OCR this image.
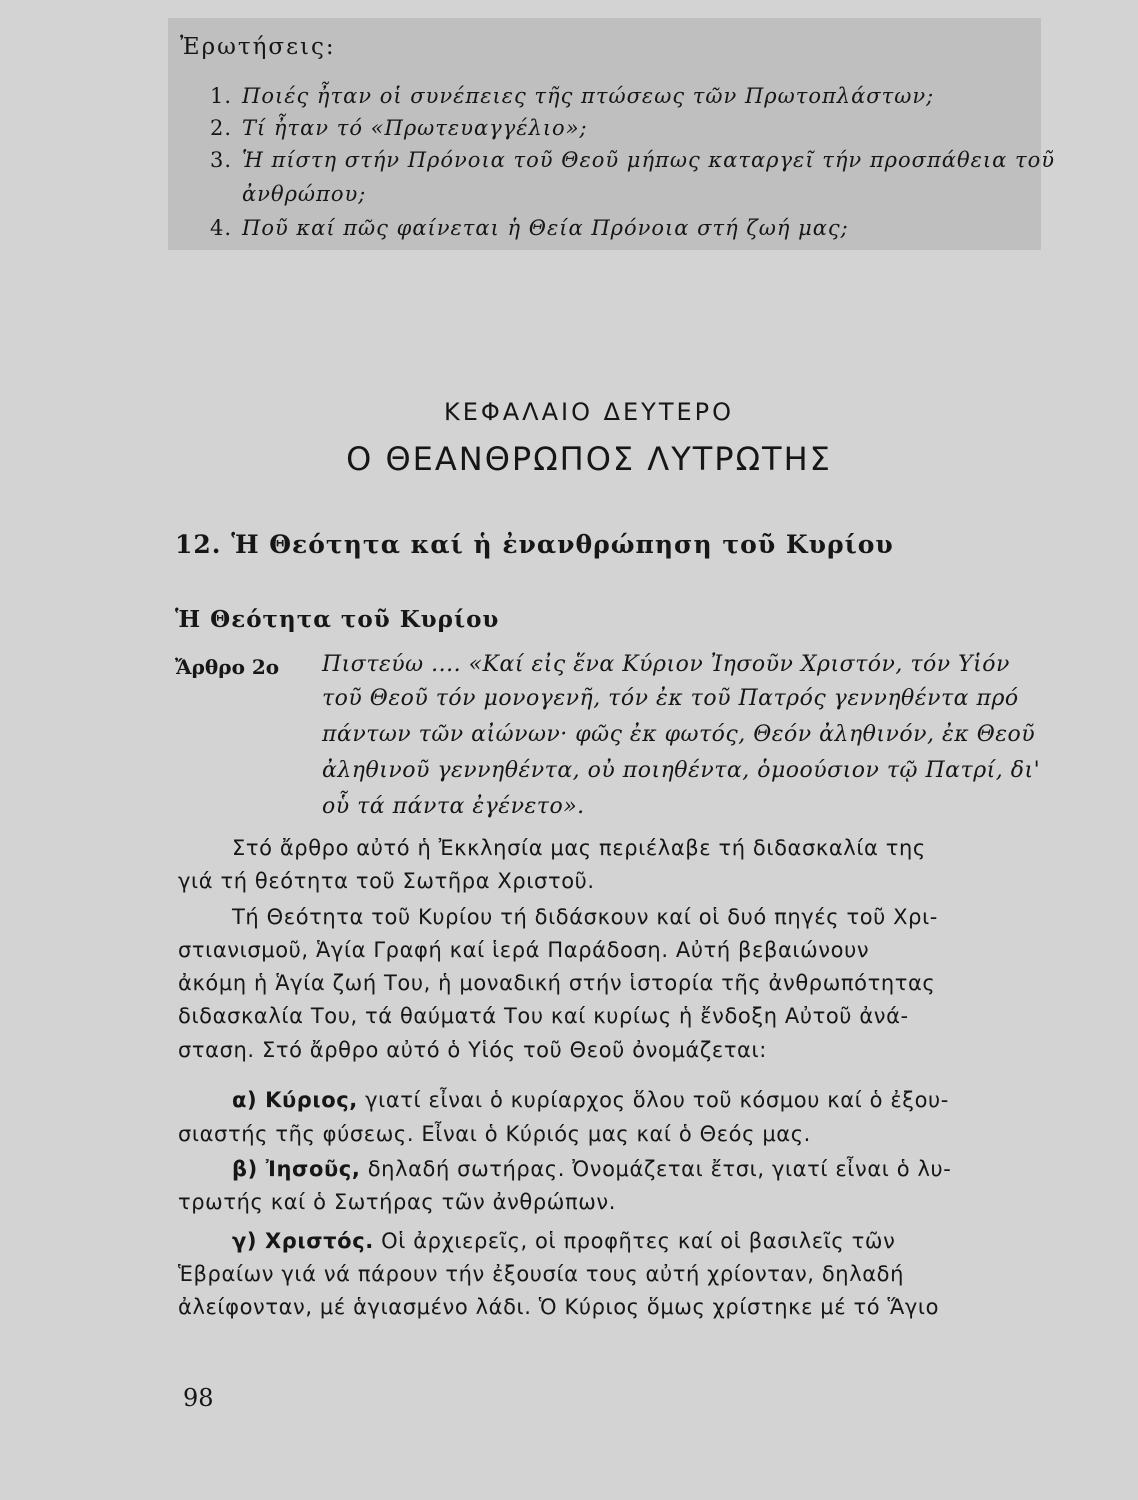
Ἐρωτήσεις:
1. Ποιές ἦταν οἱ συνέπειες τῆς πτώσεως τῶν Πρωτοπλάστων;
2. Τί ἦταν τό «Πρωτευαγγέλιο»;
3. Ἡ πίστη στήν Πρόνοια τοῦ Θεοῦ μήπως καταργεῖ τήν προσπάθεια τοῦ
ἀνθρώπου;
4. Ποῦ καί πῶς φαίνεται ἡ Θεία Πρόνοια στή ζωή μας;
ΚΕΦΑΛΑΙΟ ΔΕΥΤΕΡΟ
Ο ΘΕΑΝΘΡΩΠΟΣ ΛΥΤΡΩΤΗΣ
12. Ἡ Θεότητα καί ἡ ἐνανθρώπηση τοῦ Κυρίου
Ἡ Θεότητα τοῦ Κυρίου
Ἄρθρο 2ο Πιστεύω .... «Καί εἰς ἕνα Κύριον Ἰησοῦν Χριστόν, τόν Υἱόν
τοῦ Θεοῦ τόν μονογενῆ, τόν ἐκ τοῦ Πατρός γεννηθέντα πρό
πάντων τῶν αἰώνων· φῶς ἐκ φωτός, Θεόν ἀληθινόν, ἐκ Θεοῦ
ἀληθινοῦ γεννηθέντα, οὐ ποιηθέντα, ὁμοούσιον τῷ Πατρί, δι'
οὗ τά πάντα ἐγένετο».
Στό ἄρθρο αὐτό ἡ Ἐκκλησία μας περιέλαβε τή διδασκαλία της
γιά τή θεότητα τοῦ Σωτῆρα Χριστοῦ.
Τή Θεότητα τοῦ Κυρίου τή διδάσκουν καί οἱ δυό πηγές τοῦ Χρι-
στιανισμοῦ, Ἁγία Γραφή καί ἱερά Παράδοση. Αὐτή βεβαιώνουν
ἀκόμη ἡ Ἁγία ζωή Του, ἡ μοναδική στήν ἱστορία τῆς ἀνθρωπότητας
διδασκαλία Του, τά θαύματά Του καί κυρίως ἡ ἔνδοξη Αὐτοῦ ἀνά-
σταση. Στό ἄρθρο αὐτό ὁ Υἱός τοῦ Θεοῦ ὀνομάζεται:
α) Κύριος, γιατί εἶναι ὁ κυρίαρχος ὅλου τοῦ κόσμου καί ὁ ἐξου-
σιαστής τῆς φύσεως. Εἶναι ὁ Κύριός μας καί ὁ Θεός μας.
β) Ἰησοῦς, δηλαδή σωτήρας. Ὀνομάζεται ἔτσι, γιατί εἶναι ὁ λυ-
τρωτής καί ὁ Σωτήρας τῶν ἀνθρώπων.
γ) Χριστός. Οἱ ἀρχιερεῖς, οἱ προφῆτες καί οἱ βασιλεῖς τῶν
Ἑβραίων γιά νά πάρουν τήν ἐξουσία τους αὐτή χρίονταν, δηλαδή
ἀλείφονταν, μέ ἁγιασμένο λάδι. Ὁ Κύριος ὅμως χρίστηκε μέ τό Ἅγιο
98
